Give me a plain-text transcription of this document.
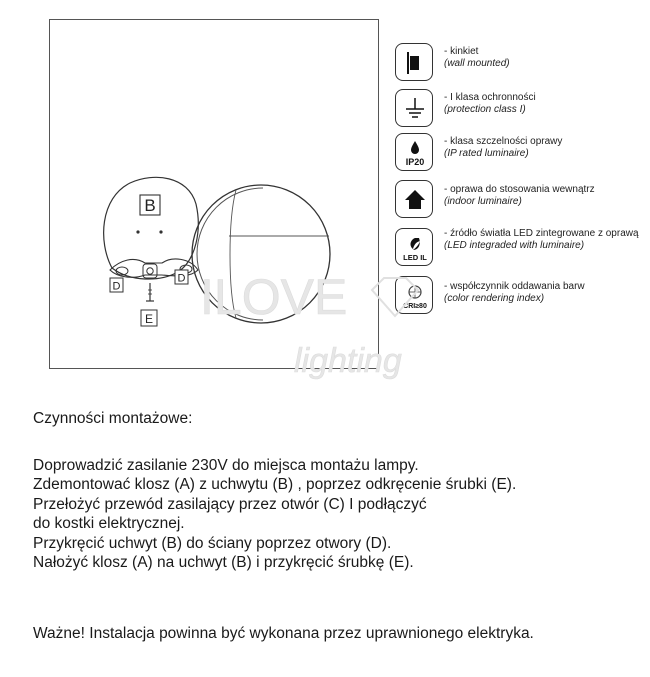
B
D
D
E
- kinkiet
(wall mounted)
- I klasa ochronności
(protection class I)
IP20
- klasa szczelności oprawy
(IP rated luminaire)
- oprawa do stosowania wewnątrz
(indoor luminaire)
LED IL
- źródło światła LED zintegrowane z oprawą
(LED integraded with luminaire)
CRI≥80
- współczynnik oddawania barw
(color rendering index)
ILOVE
lighting
Czynności montażowe:
Doprowadzić zasilanie 230V do miejsca montażu lampy.
Zdemontować klosz (A) z uchwytu (B) , poprzez odkręcenie śrubki (E).
Przełożyć przewód zasilający przez otwór (C) I podłączyć
do kostki elektrycznej.
Przykręcić uchwyt (B) do ściany poprzez otwory (D).
Nałożyć klosz (A) na uchwyt (B) i przykręcić śrubkę (E).
Ważne! Instalacja powinna być wykonana przez uprawnionego elektryka.
